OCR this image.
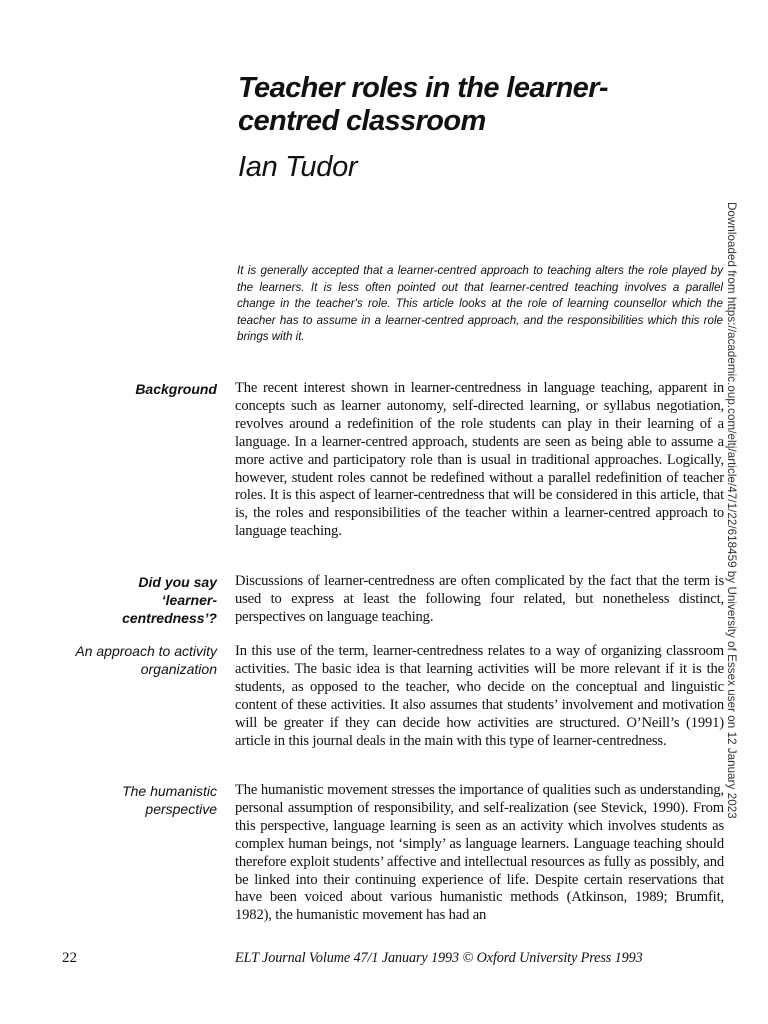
Teacher roles in the learner-centred classroom

Ian Tudor

It is generally accepted that a learner-centred approach to teaching alters the role played by the learners. It is less often pointed out that learner-centred teaching involves a parallel change in the teacher's role. This article looks at the role of learning counsellor which the teacher has to assume in a learner-centred approach, and the responsibilities which this role brings with it.

Background The recent interest shown in learner-centredness in language teaching, apparent in concepts such as learner autonomy, self-directed learning, or syllabus negotiation, revolves around a redefinition of the role students can play in their learning of a language. In a learner-centred approach, students are seen as being able to assume a more active and participatory role than is usual in traditional approaches. Logically, however, student roles cannot be redefined without a parallel redefinition of teacher roles. It is this aspect of learner-centredness that will be considered in this article, that is, the roles and responsibilities of the teacher within a learner-centred approach to language teaching.

Did you say ‘learner-centredness’?

Discussions of learner-centredness are often complicated by the fact that the term is used to express at least the following four related, but nonetheless distinct, perspectives on language teaching.

An approach to activity organization

In this use of the term, learner-centredness relates to a way of organizing classroom activities. The basic idea is that learning activities will be more relevant if it is the students, as opposed to the teacher, who decide on the conceptual and linguistic content of these activities. It also assumes that students’ involvement and motivation will be greater if they can decide how activities are structured. O’Neill’s (1991) article in this journal deals in the main with this type of learner-centredness.

The humanistic perspective

The humanistic movement stresses the importance of qualities such as understanding, personal assumption of responsibility, and self-realization (see Stevick, 1990). From this perspective, language learning is seen as an activity which involves students as complex human beings, not ‘simply’ as language learners. Language teaching should therefore exploit students’ affective and intellectual resources as fully as possibly, and be linked into their continuing experience of life. Despite certain reservations that have been voiced about various humanistic methods (Atkinson, 1989; Brumfit, 1982), the humanistic movement has had an

22	ELT Journal Volume 47/1 January 1993 © Oxford University Press 1993

Downloaded from https://academic.oup.com/eltj/article/47/1/22/618459 by University of Essex user on 12 January 2023
